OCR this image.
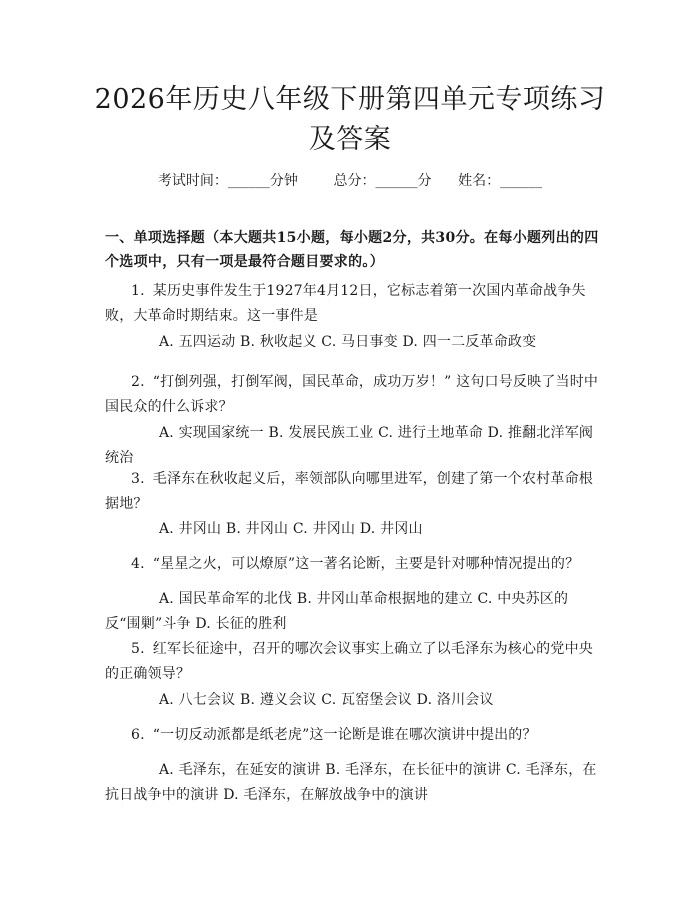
2026年历史八年级下册第四单元专项练习及答案
考试时间：______分钟	总分：______分 姓名：______
一、单项选择题（本大题共15小题，每小题2分，共30分。在每小题列出的四个选项中，只有一项是最符合题目要求的。）
1. 某历史事件发生于1927年4月12日，它标志着第一次国内革命战争失败，大革命时期结束。这一事件是
A. 五四运动 B. 秋收起义 C. 马日事变 D. 四一二反革命政变
2. “打倒列强，打倒军阀，国民革命，成功万岁！” 这句口号反映了当时中国民众的什么诉求？
A. 实现国家统一 B. 发展民族工业 C. 进行土地革命 D. 推翻北洋军阀统治
3. 毛泽东在秋收起义后，率领部队向哪里进军，创建了第一个农村革命根据地？
A. 井冈山 B. 井冈山 C. 井冈山 D. 井冈山
4. “星星之火，可以燎原”这一著名论断，主要是针对哪种情况提出的？
A. 国民革命军的北伐 B. 井冈山革命根据地的建立 C. 中央苏区的反“围剿”斗争 D. 长征的胜利
5. 红军长征途中，召开的哪次会议事实上确立了以毛泽东为核心的党中央的正确领导？
A. 八七会议 B. 遵义会议 C. 瓦窑堡会议 D. 洛川会议
6. “一切反动派都是纸老虎”这一论断是谁在哪次演讲中提出的？
A. 毛泽东，在延安的演讲 B. 毛泽东，在长征中的演讲 C. 毛泽东，在抗日战争中的演讲 D. 毛泽东，在解放战争中的演讲
